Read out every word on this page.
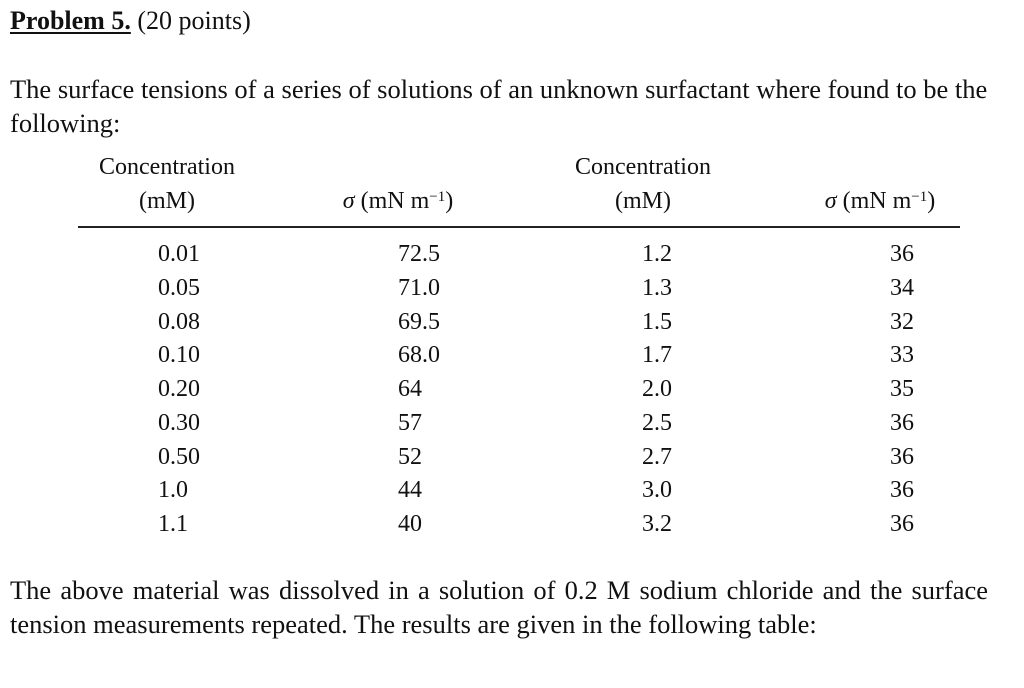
Problem 5. (20 points)
The surface tensions of a series of solutions of an unknown surfactant where found to be the following:
Concentration
(mM)	σ (mN $m^{-1}$)
Concentration
(mM)	σ (mN $m^{-1}$)
0.01
0.05
0.08
0.10
0.20
0.30
0.50
1.0
1.1
72.5
71.0
69.5
68.0
64
57
52
44
40
1.2
1.3
1.5
1.7
2.0
2.5
2.7
3.0
3.2
36
34
32
33
35
36
36
36
36
The above material was dissolved in a solution of 0.2 M sodium chloride and the surface tension measurements repeated. The results are given in the following table:
